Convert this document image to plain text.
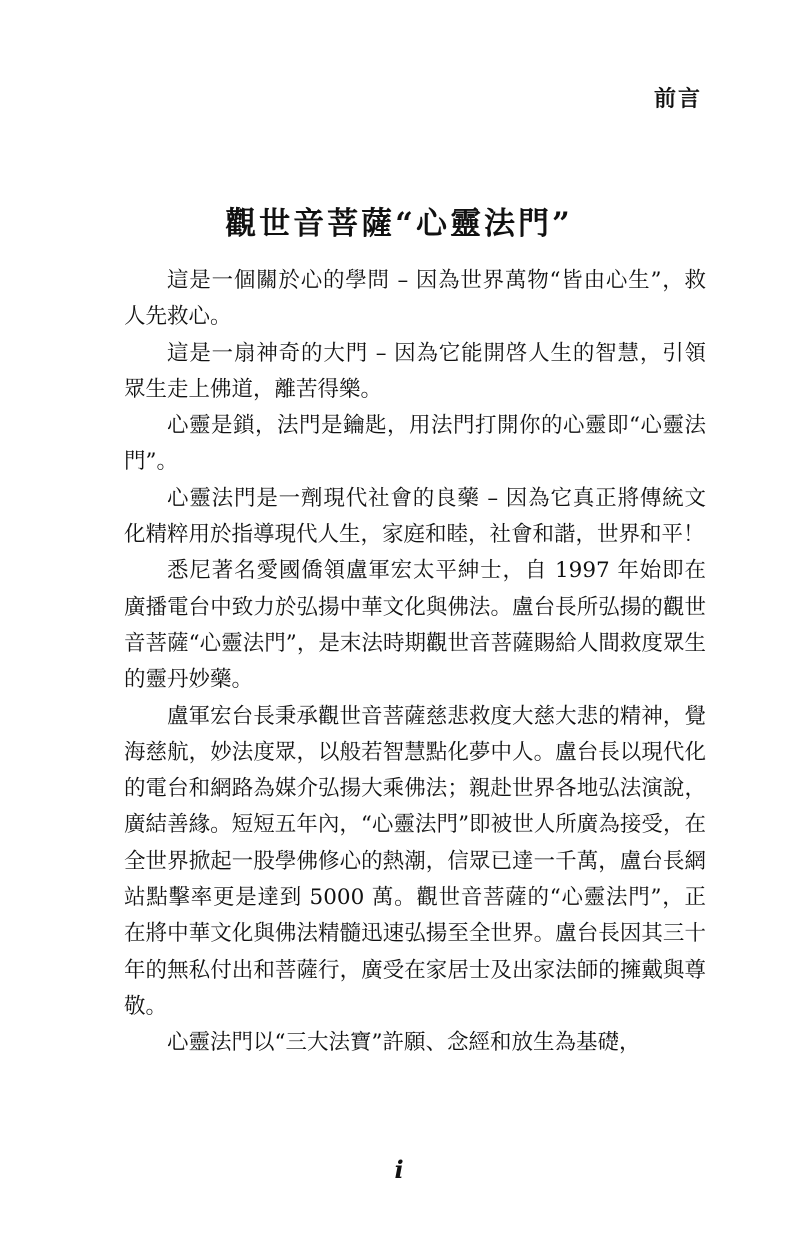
前言
觀世音菩薩“心靈法門”

這是一個關於心的學問 – 因為世界萬物“皆由心生”，救人先救心。

這是一扇神奇的大門 – 因為它能開啓人生的智慧，引領眾生走上佛道，離苦得樂。

心靈是鎖，法門是鑰匙，用法門打開你的心靈即“心靈法門”。

心靈法門是一劑現代社會的良藥 – 因為它真正將傳統文化精粹用於指導現代人生，家庭和睦，社會和諧，世界和平！

悉尼著名愛國僑領盧軍宏太平紳士，自 1997 年始即在廣播電台中致力於弘揚中華文化與佛法。盧台長所弘揚的觀世音菩薩“心靈法門”，是末法時期觀世音菩薩賜給人間救度眾生的靈丹妙藥。

盧軍宏台長秉承觀世音菩薩慈悲救度大慈大悲的精神，覺海慈航，妙法度眾，以般若智慧點化夢中人。盧台長以現代化的電台和網路為媒介弘揚大乘佛法；親赴世界各地弘法演說，廣結善緣。短短五年內，“心靈法門”即被世人所廣為接受，在全世界掀起一股學佛修心的熱潮，信眾已達一千萬，盧台長網站點擊率更是達到 5000 萬。觀世音菩薩的“心靈法門”，正在將中華文化與佛法精髓迅速弘揚至全世界。盧台長因其三十年的無私付出和菩薩行，廣受在家居士及出家法師的擁戴與尊敬。

心靈法門以“三大法寶”許願、念經和放生為基礎，

i
